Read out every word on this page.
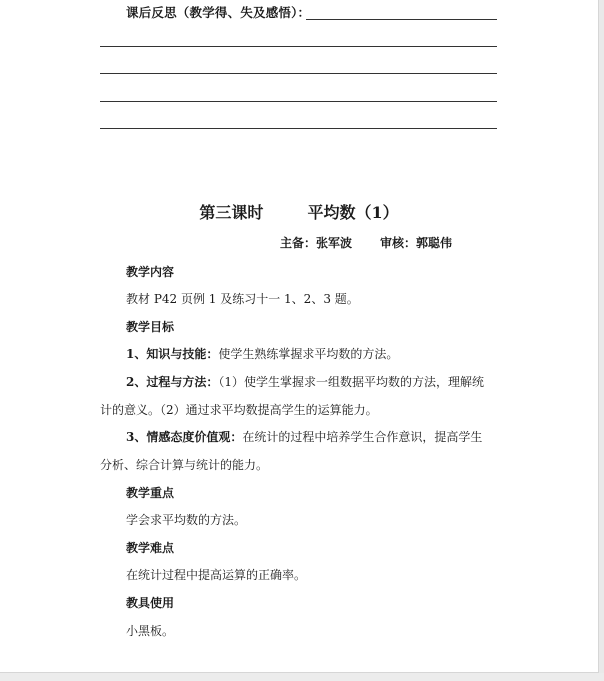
课后反思（教学得、失及感悟）：
第三课时	平均数（1）
主备：张军波 审核：郭聪伟
教学内容
教材 P42 页例 1 及练习十一 1、2、3 题。
教学目标
1、知识与技能：使学生熟练掌握求平均数的方法。
2、过程与方法：（1）使学生掌握求一组数据平均数的方法，理解统
计的意义。（2）通过求平均数提高学生的运算能力。
3、情感态度价值观：在统计的过程中培养学生合作意识，提高学生
分析、综合计算与统计的能力。
教学重点
学会求平均数的方法。
教学难点
在统计过程中提高运算的正确率。
教具使用
小黑板。
